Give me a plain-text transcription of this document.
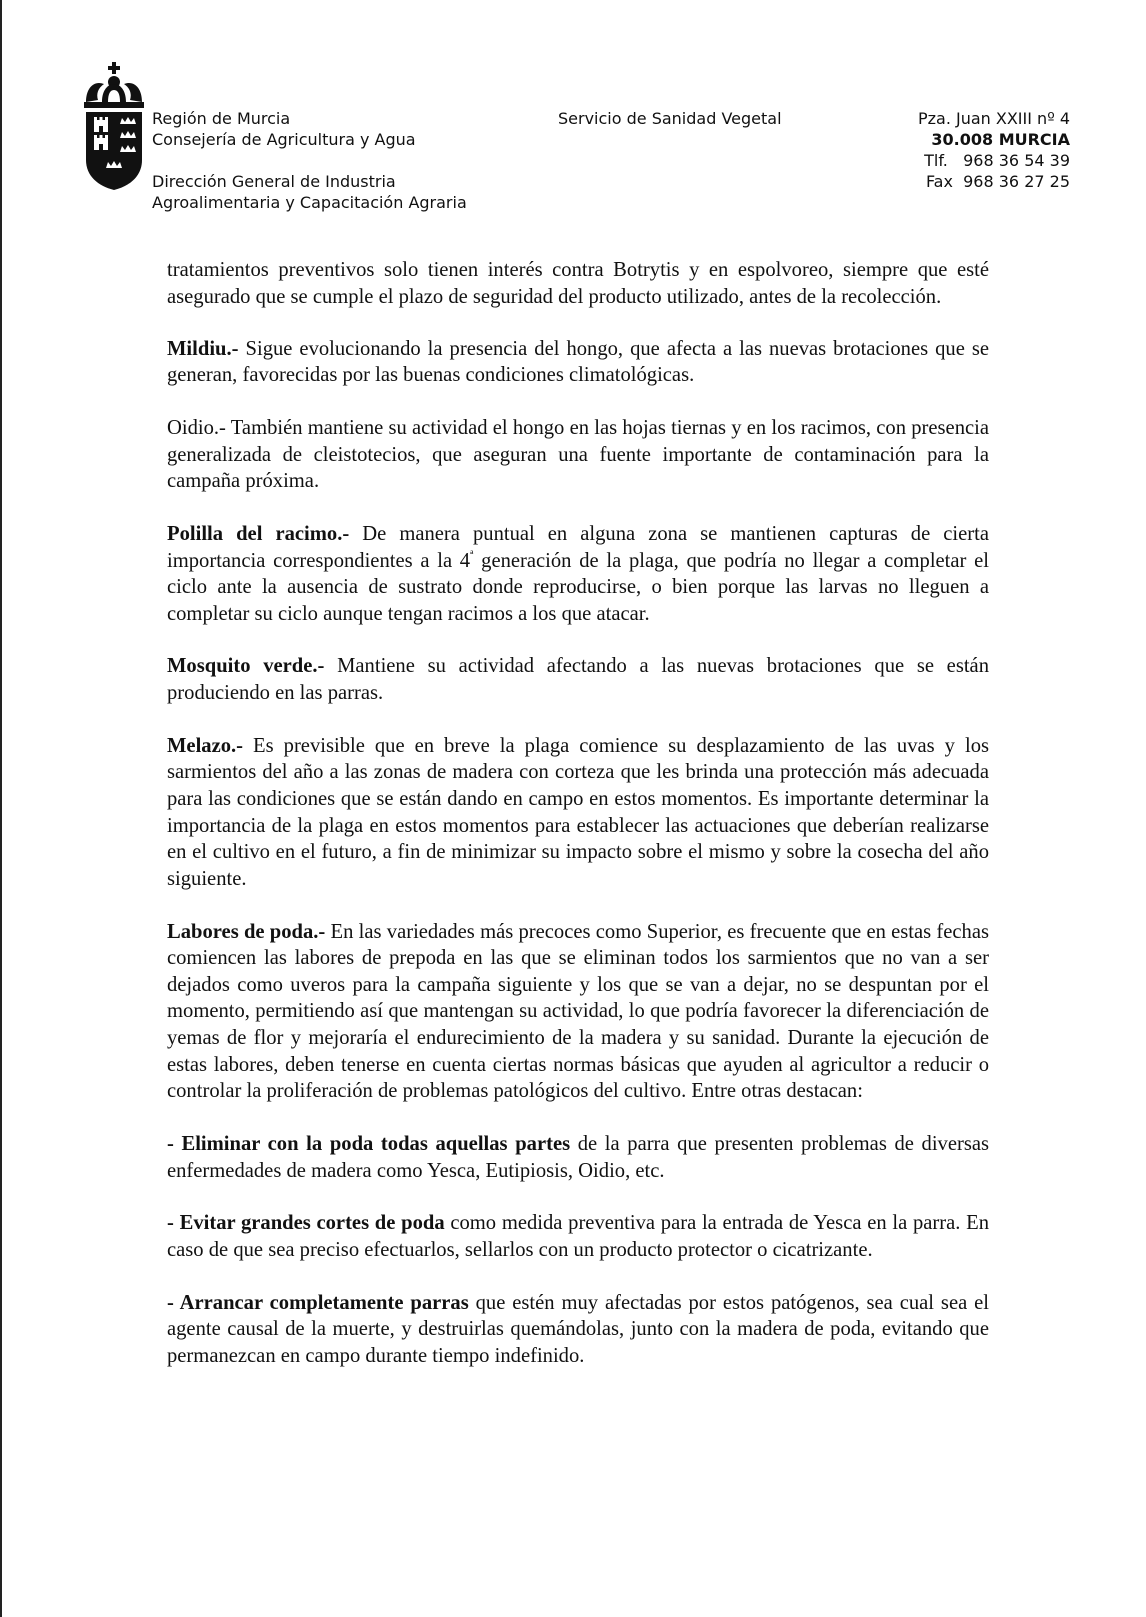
Región de Murcia
Consejería de Agricultura y Agua
Dirección General de Industria
Agroalimentaria y Capacitación Agraria
Servicio de Sanidad Vegetal	Pza. Juan XXIII nº 4
30.008 MURCIA
Tlf.   968 36 54 39
Fax  968 36 27 25

tratamientos preventivos solo tienen interés contra Botrytis y en espolvoreo, siempre que esté asegurado que se cumple el plazo de seguridad del producto utilizado, antes de la recolección.

Mildiu.- Sigue evolucionando la presencia del hongo, que afecta a las nuevas brotaciones que se generan, favorecidas por las buenas condiciones climatológicas.

Oidio.- También mantiene su actividad el hongo en las hojas tiernas y en los racimos, con presencia generalizada de cleistotecios, que aseguran una fuente importante de contaminación para la campaña próxima.

Polilla del racimo.- De manera puntual en alguna zona se mantienen capturas de cierta importancia correspondientes a la $4^ª$ generación de la plaga, que podría no llegar a completar el ciclo ante la ausencia de sustrato donde reproducirse, o bien porque las larvas no lleguen a completar su ciclo aunque tengan racimos a los que atacar.

Mosquito verde.- Mantiene su actividad afectando a las nuevas brotaciones que se están produciendo en las parras.

Melazo.- Es previsible que en breve la plaga comience su desplazamiento de las uvas y los sarmientos del año a las zonas de madera con corteza que les brinda una protección más adecuada para las condiciones que se están dando en campo en estos momentos. Es importante determinar la importancia de la plaga en estos momentos para establecer las actuaciones que deberían realizarse en el cultivo en el futuro, a fin de minimizar su impacto sobre el mismo y sobre la cosecha del año siguiente.

Labores de poda.- En las variedades más precoces como Superior, es frecuente que en estas fechas comiencen las labores de prepoda en las que se eliminan todos los sarmientos que no van a ser dejados como uveros para la campaña siguiente y los que se van a dejar, no se despuntan por el momento, permitiendo así que mantengan su actividad, lo que podría favorecer la diferenciación de yemas de flor y mejoraría el endurecimiento de la madera y su sanidad. Durante la ejecución de estas labores, deben tenerse en cuenta ciertas normas básicas que ayuden al agricultor a reducir o controlar la proliferación de problemas patológicos del cultivo. Entre otras destacan:

- Eliminar con la poda todas aquellas partes de la parra que presenten problemas de diversas enfermedades de madera como Yesca, Eutipiosis, Oidio, etc.

- Evitar grandes cortes de poda como medida preventiva para la entrada de Yesca en la parra. En caso de que sea preciso efectuarlos, sellarlos con un producto protector o cicatrizante.

- Arrancar completamente parras que estén muy afectadas por estos patógenos, sea cual sea el agente causal de la muerte, y destruirlas quemándolas, junto con la madera de poda, evitando que permanezcan en campo durante tiempo indefinido.
